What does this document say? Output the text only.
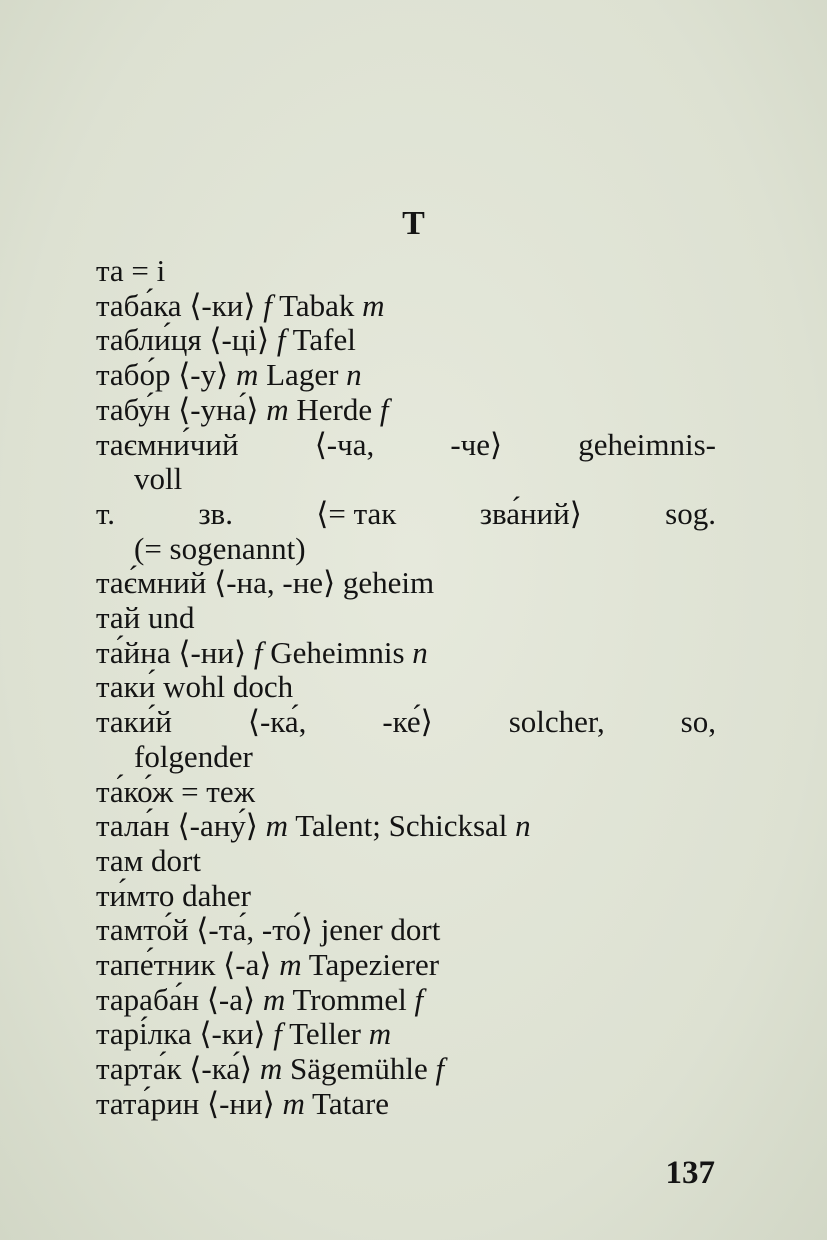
Т
та = і
таба́ка ⟨-ки⟩ f Tabak m
табли́ця ⟨-ці⟩ f Tafel
табо́р ⟨-у⟩ m Lager n
табу́н ⟨-уна́⟩ m Herde f
таємни́чий ⟨-ча, -че⟩ geheimnis-
voll
т.	зв.	⟨= так	зва́ний⟩	sog.
(= sogenannt)
тає́мний ⟨-на, -не⟩ geheim
тай und
та́йна ⟨-ни⟩ f Geheimnis n
таки́ wohl doch
таки́й ⟨-ка́, -ке́⟩ solcher, so,
folgender
та́ко́ж = теж
тала́н ⟨-ану́⟩ m Talent; Schicksal n
там dort
ти́мто daher
тамто́й ⟨-та́, -то́⟩ jener dort
тапе́тник ⟨-а⟩ m Tapezierer
тараба́н ⟨-а⟩ m Trommel f
тарі́лка ⟨-ки⟩ f Teller m
тарта́к ⟨-ка́⟩ m Sägemühle f
тата́рин ⟨-ни⟩ m Tatare
137
